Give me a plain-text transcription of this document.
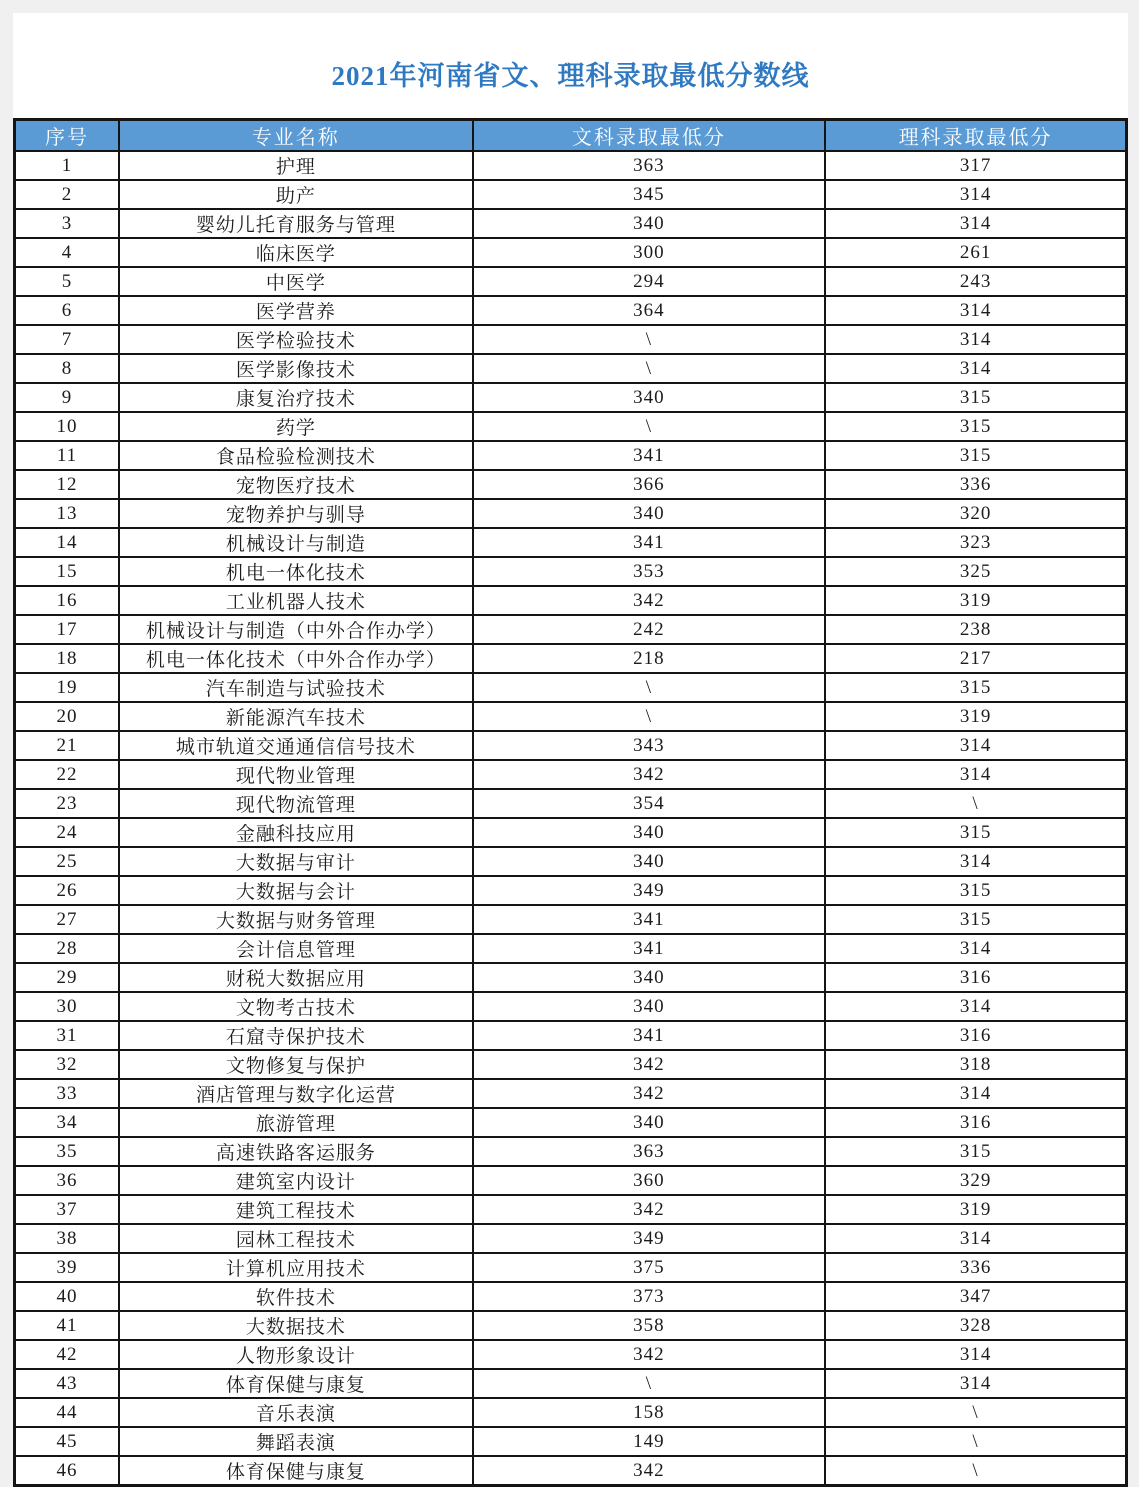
2021年河南省文、理科录取最低分数线
序号	专业名称	文科录取最低分	理科录取最低分
1	护理	363	317
2	助产	345	314
3	婴幼儿托育服务与管理	340	314
4	临床医学	300	261
5	中医学	294	243
6	医学营养	364	314
7	医学检验技术	\	314
8	医学影像技术	\	314
9	康复治疗技术	340	315
10	药学	\	315
11	食品检验检测技术	341	315
12	宠物医疗技术	366	336
13	宠物养护与驯导	340	320
14	机械设计与制造	341	323
15	机电一体化技术	353	325
16	工业机器人技术	342	319
17	机械设计与制造（中外合作办学）	242	238
18	机电一体化技术（中外合作办学）	218	217
19	汽车制造与试验技术	\	315
20	新能源汽车技术	\	319
21	城市轨道交通通信信号技术	343	314
22	现代物业管理	342	314
23	现代物流管理	354	\
24	金融科技应用	340	315
25	大数据与审计	340	314
26	大数据与会计	349	315
27	大数据与财务管理	341	315
28	会计信息管理	341	314
29	财税大数据应用	340	316
30	文物考古技术	340	314
31	石窟寺保护技术	341	316
32	文物修复与保护	342	318
33	酒店管理与数字化运营	342	314
34	旅游管理	340	316
35	高速铁路客运服务	363	315
36	建筑室内设计	360	329
37	建筑工程技术	342	319
38	园林工程技术	349	314
39	计算机应用技术	375	336
40	软件技术	373	347
41	大数据技术	358	328
42	人物形象设计	342	314
43	体育保健与康复	\	314
44	音乐表演	158	\
45	舞蹈表演	149	\
46	体育保健与康复	342	\
